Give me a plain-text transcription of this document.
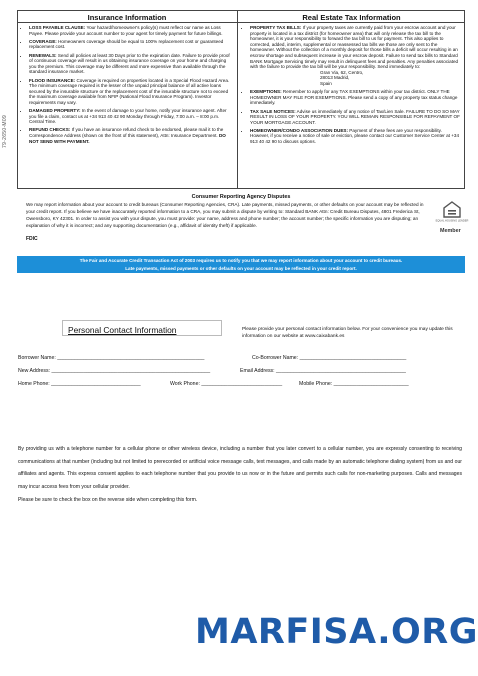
79-2650-M09
Insurance Information	Real Estate Tax Information
• LOSS PAYABLE CLAUSE: Your hazard/homeowner's policy(s) must reflect our name as Loss Payee. Please provide your account number to your agent for timely payment for future billings.
• COVERAGE: Homeowners coverage should be equal to 100% replacement cost or guaranteed replacement cost.
• RENEWALS: Send all policies at least 30 Days prior to the expiration date. Failure to provide proof of continuous coverage will result in us obtaining insurance coverage on your home and charging you the premium. This coverage may be different and more expensive than available through the standard insurance market.
• FLOOD INSURANCE: Coverage is required on properties located in a Special Flood Hazard Area. The minimum coverage required is the lesser of the unpaid principal balance of all active loans secured by the insurable structure or the replacement cost of the insurable structure not to exceed the maximum coverage available from NFIP (National Flood Insurance Program). Investor requirements may vary.
• DAMAGED PROPERTY: In the event of damage to your home, notify your insurance agent. After you file a claim, contact us at +34 913 40 42 90 Monday through Friday, 7:00 a.m. – 8:00 p.m. Central Time.
• REFUND CHECKS: If you have an insurance refund check to be endorsed, please mail it to the Correspondence Address (shown on the front of this statement), Attn: Insurance Department. DO NOT SEND WITH PAYMENT.
• PROPERTY TAX BILLS: If your property taxes are currently paid from your escrow account and your property is located in a tax district (for homeowner area) that will only release the tax bill to the homeowner, it is your responsibility to forward the tax bill to us for payment. This also applies to corrected, added, interim, supplemental or reassessed tax bills we those are only sent to the homeowner. Without the collection of a monthly deposit for those bills a deficit will occur resulting in an escrow shortage and subsequent increase in your escrow deposit. Failure to send tax bills to Standard BANK Mortgage Servicing timely may result in delinquent fees and penalties. Any penalties associated with the failure to provide the tax bill will be your responsibility. Send immediately to:
Gran Via, 62, Centro,
28013 Madrid,
Spain
• EXEMPTIONS: Remember to apply for any TAX EXEMPTIONS within your tax district. ONLY THE HOMEOWNER MAY FILE FOR EXEMPTIONS. Please send a copy of any property tax status change immediately.
• TAX SALE NOTICES: Advise us immediately of any notice of Tax/Lien Sale. FAILURE TO DO SO MAY RESULT IN LOSS OF YOUR PROPERTY. YOU WILL REMAIN RESPONSIBLE FOR REPAYMENT OF YOUR MORTGAGE ACCOUNT.
• HOMEOWNER/CONDO ASSOCIATION DUES: Payment of these fees are your responsibility. However, if you receive a notice of sale or eviction, please contact our Customer Service Center at +34 913 40 42 90 to discuss options.
Consumer Reporting Agency Disputes
We may report information about your account to credit bureaus (Consumer Reporting Agencies, CRA). Late payments, missed payments, or other defaults on your account may be reflected in your credit report. If you believe we have inaccurately reported information to a CRA, you may submit a dispute by writing to: Standard BANK Attn: Credit Bureau Disputes, 4801 Frederica St, Owensboro, KY 42301. In order to assist you with your dispute, you must provide: your name, address and phone number; the account number; the specific information you are disputing; an explanation of why it is incorrect; and any supporting documentation (e.g., affidavit of identity theft) if applicable.
FDIC
EQUAL HOUSING LENDER
Member
The Fair and Accurate Credit Transaction Act of 2003 requires us to notify you that we may report information about your account to credit bureaus.
Late payments, missed payments or other defaults on your account may be reflected in your credit report.
Personal Contact Information	Please provide your personal contact information below. For your convenience you may update this information on our website at www.caixabank.es
Borrower Name: ___________________________________________________	Co-Borrower Name: _____________________________________
New Address: _______________________________________________________	Email Address: _____________________________________________
Home Phone: _______________________________	Work Phone: ____________________________	Mobile Phone: __________________________
By providing us with a telephone number for a cellular phone or other wireless device, including a number that you later convert to a cellular number, you are expressly consenting to receiving communications at that number (including but not limited to prerecorded or artificial voice message calls, text messages, and calls made by an automatic telephone dialing system) from us and our affiliates and agents. This express consent applies to each telephone number that you provide to us now or in the future and permits such calls for non-marketing purposes. Calls and messages may incur access fees from your cellular provider.
Please be sure to check the box on the reverse side when completing this form.
MARFISA.ORG
